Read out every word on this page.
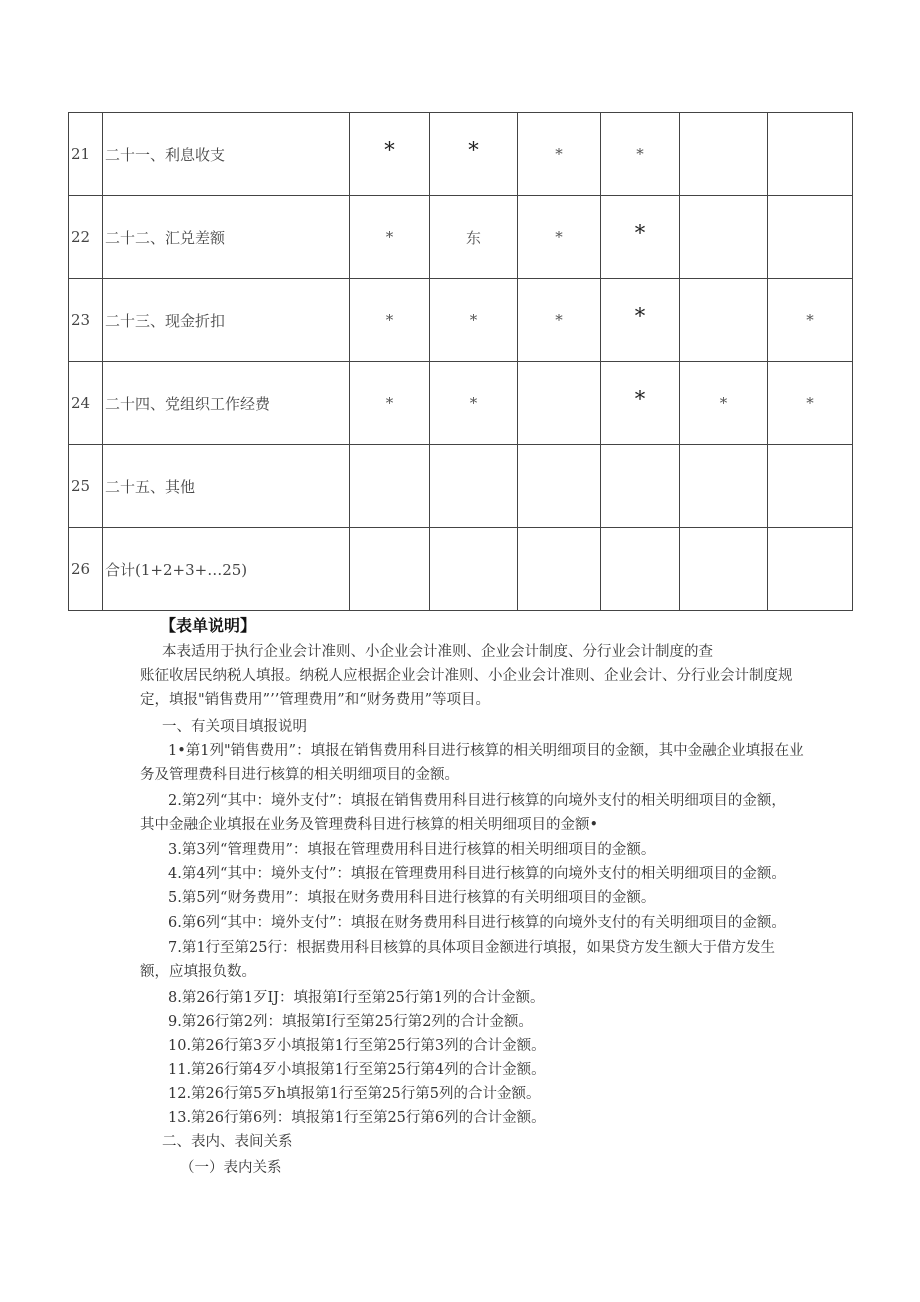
21	二十一、利息收支	*	*	*	*		
22	二十二、汇兑差额	*	东	*	*		
23	二十三、现金折扣	*	*	*	*		*
24	二十四、党组织工作经费	*	*		*	*	*
25	二十五、其他						
26	合计(1+2+3+…25)						
【表单说明】
本表适用于执行企业会计准则、小企业会计准则、企业会计制度、分行业会计制度的查
账征收居民纳税人填报。纳税人应根据企业会计准则、小企业会计准则、企业会计、分行业会计制度规
定，填报"销售费用”’’管理费用”和“财务费用”等项目。
一、有关项目填报说明
1•第1列"销售费用”：填报在销售费用科目进行核算的相关明细项目的金额，其中金融企业填报在业
务及管理费科目进行核算的相关明细项目的金额。
2.第2列“其中：境外支付”：填报在销售费用科目进行核算的向境外支付的相关明细项目的金额，
其中金融企业填报在业务及管理费科目进行核算的相关明细项目的金额•
3.第3列“管理费用”：填报在管理费用科目进行核算的相关明细项目的金额。
4.第4列“其中：境外支付”：填报在管理费用科目进行核算的向境外支付的相关明细项目的金额。
5.第5列“财务费用”：填报在财务费用科目进行核算的有关明细项目的金额。
6.第6列“其中：境外支付”：填报在财务费用科目进行核算的向境外支付的有关明细项目的金额。
7.第1行至第25行：根据费用科目核算的具体项目金额进行填报，如果贷方发生额大于借方发生
额，应填报负数。
8.第26行第1歹IJ：填报第I行至第25行第1列的合计金额。
9.第26行第2列：填报第I行至第25行第2列的合计金额。
10.第26行第3歹小填报第1行至第25行第3列的合计金额。
11.第26行第4歹小填报第1行至第25行第4列的合计金额。
12.第26行第5歹h填报第1行至第25行第5列的合计金额。
13.第26行第6列：填报第1行至第25行第6列的合计金额。
二、表内、表间关系
（一）表内关系
